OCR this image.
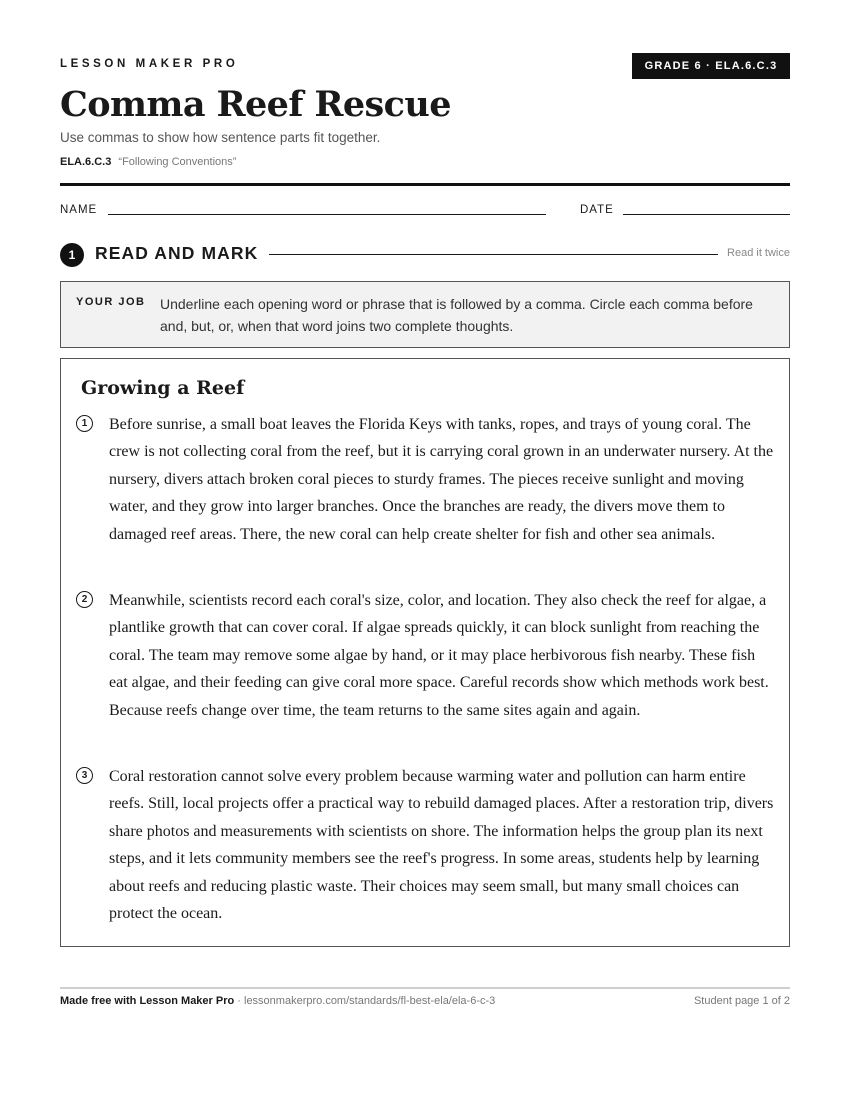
LESSON MAKER PRO	GRADE 6 · ELA.6.C.3
Comma Reef Rescue
Use commas to show how sentence parts fit together.
ELA.6.C.3 “Following Conventions”
NAME	DATE
1	READ AND MARK	Read it twice
YOUR JOB Underline each opening word or phrase that is followed by a comma. Circle each comma before and, but, or, when that word joins two complete thoughts.
Growing a Reef
1	Before sunrise, a small boat leaves the Florida Keys with tanks, ropes, and trays of young coral. The crew is not collecting coral from the reef, but it is carrying coral grown in an underwater nursery. At the nursery, divers attach broken coral pieces to sturdy frames. The pieces receive sunlight and moving water, and they grow into larger branches. Once the branches are ready, the divers move them to damaged reef areas. There, the new coral can help create shelter for fish and other sea animals.

2	Meanwhile, scientists record each coral's size, color, and location. They also check the reef for algae, a plantlike growth that can cover coral. If algae spreads quickly, it can block sunlight from reaching the coral. The team may remove some algae by hand, or it may place herbivorous fish nearby. These fish eat algae, and their feeding can give coral more space. Careful records show which methods work best. Because reefs change over time, the team returns to the same sites again and again.

3	Coral restoration cannot solve every problem because warming water and pollution can harm entire reefs. Still, local projects offer a practical way to rebuild damaged places. After a restoration trip, divers share photos and measurements with scientists on shore. The information helps the group plan its next steps, and it lets community members see the reef's progress. In some areas, students help by learning about reefs and reducing plastic waste. Their choices may seem small, but many small choices can protect the ocean.

Made free with Lesson Maker Pro · lessonmakerpro.com/standards/fl-best-ela/ela-6-c-3	Student page 1 of 2
